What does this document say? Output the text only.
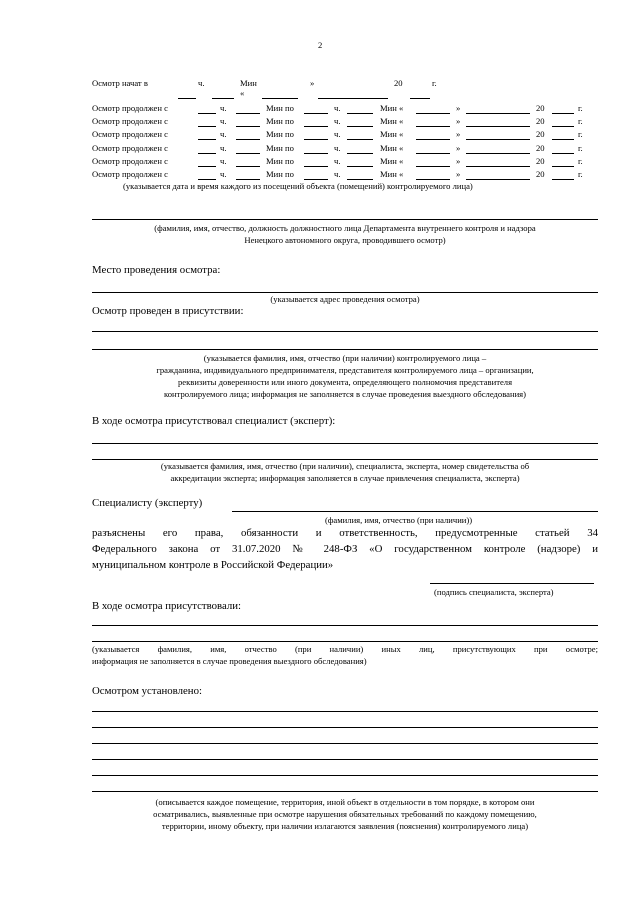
2
Осмотр начат в	ч.	Мин	»	20	г.
«
Осмотр продолжен с	ч.	Мин по	ч.	Мин «	»	20	г.
Осмотр продолжен с	ч.	Мин по	ч.	Мин «	»	20	г.
Осмотр продолжен с	ч.	Мин по	ч.	Мин «	»	20	г.
Осмотр продолжен с	ч.	Мин по	ч.	Мин «	»	20	г.
Осмотр продолжен с	ч.	Мин по	ч.	Мин «	»	20	г.
Осмотр продолжен с	ч.	Мин по	ч.	Мин «	»	20	г.
(указывается дата и время каждого из посещений объекта (помещений) контролируемого лица)
(фамилия, имя, отчество, должность должностного лица Департамента внутреннего контроля и надзора
Ненецкого автономного округа, проводившего осмотр)
Место проведения осмотра:
(указывается адрес проведения осмотра)
Осмотр проведен в присутствии:
(указывается фамилия, имя, отчество (при наличии) контролируемого лица –
гражданина, индивидуального предпринимателя, представителя контролируемого лица – организации,
реквизиты доверенности или иного документа, определяющего полномочия представителя
контролируемого лица; информация не заполняется в случае проведения выездного обследования)
В ходе осмотра присутствовал специалист (эксперт):
(указывается фамилия, имя, отчество (при наличии), специалиста, эксперта, номер свидетельства об
аккредитации эксперта; информация заполняется в случае привлечения специалиста, эксперта)
Специалисту (эксперту)
(фамилия, имя, отчество (при наличии))
разъяснены его права, обязанности и ответственность, предусмотренные статьей 34
Федерального закона от 31.07.2020 № 248-ФЗ «О государственном контроле (надзоре) и
муниципальном контроле в Российской Федерации»
(подпись специалиста, эксперта)
В ходе осмотра присутствовали:
(указывается фамилия, имя, отчество (при наличии) иных лиц, присутствующих при осмотре;
информация не заполняется в случае проведения выездного обследования)
Осмотром установлено:
(описывается каждое помещение, территория, иной объект в отдельности в том порядке, в котором они
осматривались, выявленные при осмотре нарушения обязательных требований по каждому помещению,
территории, иному объекту, при наличии излагаются заявления (пояснения) контролируемого лица)
